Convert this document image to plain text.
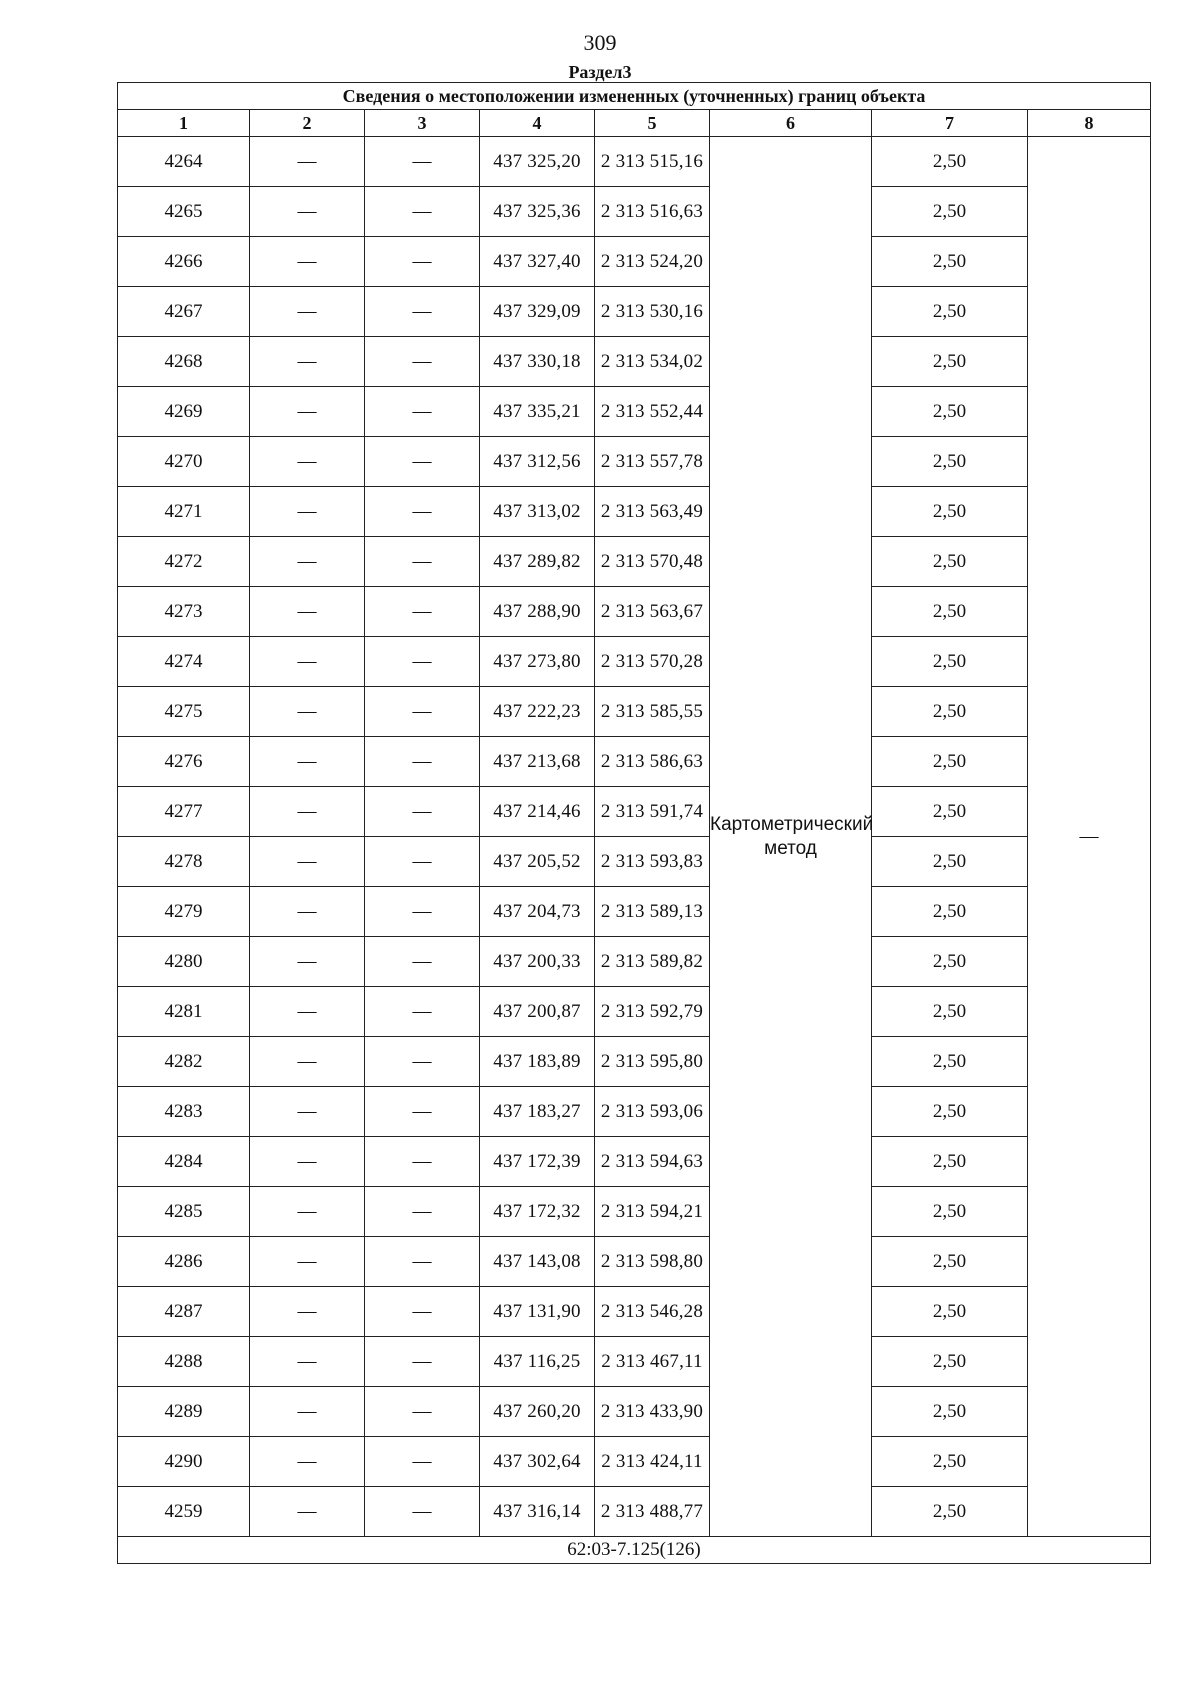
309
Раздел3
Сведения о местоположении измененных (уточненных) границ объекта							
1	2	3	4	5	6	7	8
4264	—	—	437 325,20	2 313 515,16	Картометрический метод	2,50	—
4265	—	—	437 325,36	2 313 516,63		2,50	
4266	—	—	437 327,40	2 313 524,20		2,50	
4267	—	—	437 329,09	2 313 530,16		2,50	
4268	—	—	437 330,18	2 313 534,02		2,50	
4269	—	—	437 335,21	2 313 552,44		2,50	
4270	—	—	437 312,56	2 313 557,78		2,50	
4271	—	—	437 313,02	2 313 563,49		2,50	
4272	—	—	437 289,82	2 313 570,48		2,50	
4273	—	—	437 288,90	2 313 563,67		2,50	
4274	—	—	437 273,80	2 313 570,28		2,50	
4275	—	—	437 222,23	2 313 585,55		2,50	
4276	—	—	437 213,68	2 313 586,63		2,50	
4277	—	—	437 214,46	2 313 591,74		2,50	
4278	—	—	437 205,52	2 313 593,83		2,50	
4279	—	—	437 204,73	2 313 589,13		2,50	
4280	—	—	437 200,33	2 313 589,82		2,50	
4281	—	—	437 200,87	2 313 592,79		2,50	
4282	—	—	437 183,89	2 313 595,80		2,50	
4283	—	—	437 183,27	2 313 593,06		2,50	
4284	—	—	437 172,39	2 313 594,63		2,50	
4285	—	—	437 172,32	2 313 594,21		2,50	
4286	—	—	437 143,08	2 313 598,80		2,50	
4287	—	—	437 131,90	2 313 546,28		2,50	
4288	—	—	437 116,25	2 313 467,11		2,50	
4289	—	—	437 260,20	2 313 433,90		2,50	
4290	—	—	437 302,64	2 313 424,11		2,50	
4259	—	—	437 316,14	2 313 488,77		2,50	
62:03-7.125(126)							
